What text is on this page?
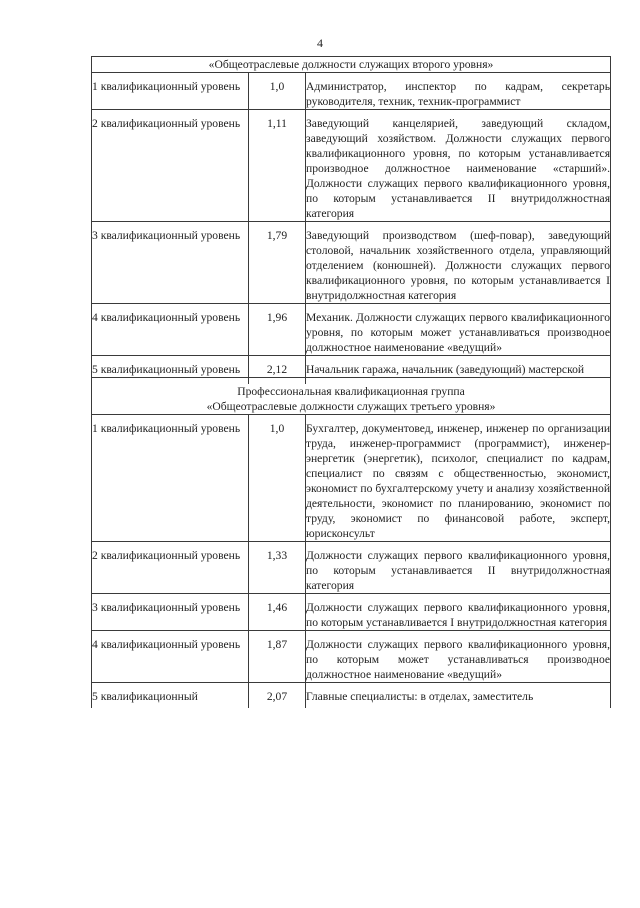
4
«Общеотраслевые должности служащих второго уровня»		

1 квалификационный уровень	1,0	Администратор, инспектор по кадрам, секретарь руководителя, техник, техник-программист

2 квалификационный уровень	1,11	Заведующий канцелярией, заведующий складом, заведующий хозяйством. Должности служащих первого квалификационного уровня, по которым устанавливается производное должностное наименование «старший». Должности служащих первого квалификационного уровня, по которым устанавливается II внутридолжностная категория

3 квалификационный уровень	1,79	Заведующий производством (шеф-повар), заведующий столовой, начальник хозяйственного отдела, управляющий отделением (конюшней). Должности служащих первого квалификационного уровня, по которым устанавливается I внутридолжностная категория

4 квалификационный уровень	1,96	Механик. Должности служащих первого квалификационного уровня, по которым может устанавливаться производное должностное наименование «ведущий»

5 квалификационный уровень	2,12	Начальник гаража, начальник (заведующий) мастерской

Профессиональная квалификационная группа
«Общеотраслевые должности служащих третьего уровня»		

1 квалификационный уровень	1,0	Бухгалтер, документовед, инженер, инженер по организации труда, инженер-программист (программист), инженер-энергетик (энергетик), психолог, специалист по кадрам, специалист по связям с общественностью, экономист, экономист по бухгалтерскому учету и анализу хозяйственной деятельности, экономист по планированию, экономист по труду, экономист по финансовой работе, эксперт, юрисконсульт

2 квалификационный уровень	1,33	Должности служащих первого квалификационного уровня, по которым устанавливается II внутридолжностная категория

3 квалификационный уровень	1,46	Должности служащих первого квалификационного уровня, по которым устанавливается I внутридолжностная категория

4 квалификационный уровень	1,87	Должности служащих первого квалификационного уровня, по которым может устанавливаться производное должностное наименование «ведущий»

5 квалификационный	2,07	Главные специалисты: в отделах, заместитель
